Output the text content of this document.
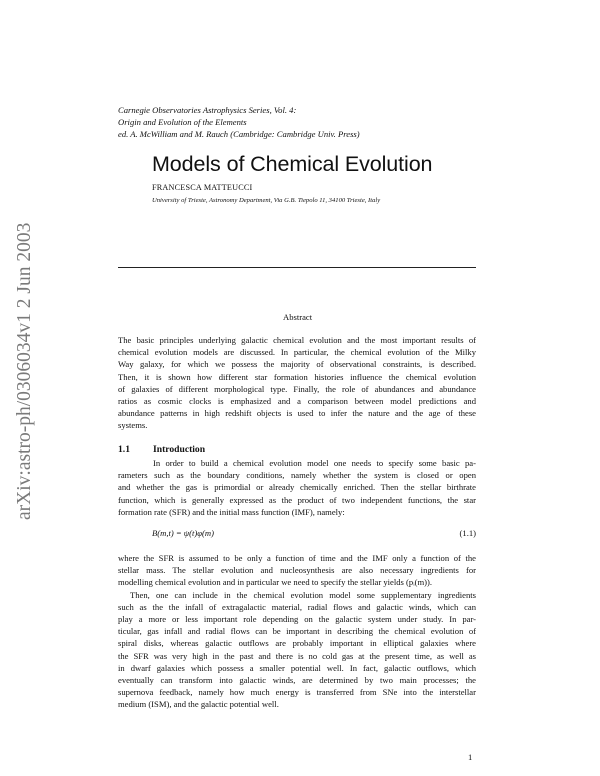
Carnegie Observatories Astrophysics Series, Vol. 4:
Origin and Evolution of the Elements
ed. A. McWilliam and M. Rauch (Cambridge: Cambridge Univ. Press)
Models of Chemical Evolution
FRANCESCA MATTEUCCI
University of Trieste, Astronomy Department, Via G.B. Tiepolo 11, 34100 Trieste, Italy
Abstract
The basic principles underlying galactic chemical evolution and the most important results of
chemical evolution models are discussed. In particular, the chemical evolution of the Milky
Way galaxy, for which we possess the majority of observational constraints, is described.
Then, it is shown how different star formation histories influence the chemical evolution
of galaxies of different morphological type. Finally, the role of abundances and abundance
ratios as cosmic clocks is emphasized and a comparison between model predictions and
abundance patterns in high redshift objects is used to infer the nature and the age of these
systems.
1.1 Introduction
In order to build a chemical evolution model one needs to specify some basic pa-
rameters such as the boundary conditions, namely whether the system is closed or open
and whether the gas is primordial or already chemically enriched. Then the stellar birthrate
function, which is generally expressed as the product of two independent functions, the star
formation rate (SFR) and the initial mass function (IMF), namely:
B(m,t) = ψ(t)φ(m)	(1.1)
where the SFR is assumed to be only a function of time and the IMF only a function of the
stellar mass. The stellar evolution and nucleosynthesis are also necessary ingredients for
modelling chemical evolution and in particular we need to specify the stellar yields (pᵢ(m)).
Then, one can include in the chemical evolution model some supplementary ingredients
such as the the infall of extragalactic material, radial flows and galactic winds, which can
play a more or less important role depending on the galactic system under study. In par-
ticular, gas infall and radial flows can be important in describing the chemical evolution of
spiral disks, whereas galactic outflows are probably important in elliptical galaxies where
the SFR was very high in the past and there is no cold gas at the present time, as well as
in dwarf galaxies which possess a smaller potential well. In fact, galactic outflows, which
eventually can transform into galactic winds, are determined by two main processes; the
supernova feedback, namely how much energy is transferred from SNe into the interstellar
medium (ISM), and the galactic potential well.
1
arXiv:astro-ph/0306034v1 2 Jun 2003
